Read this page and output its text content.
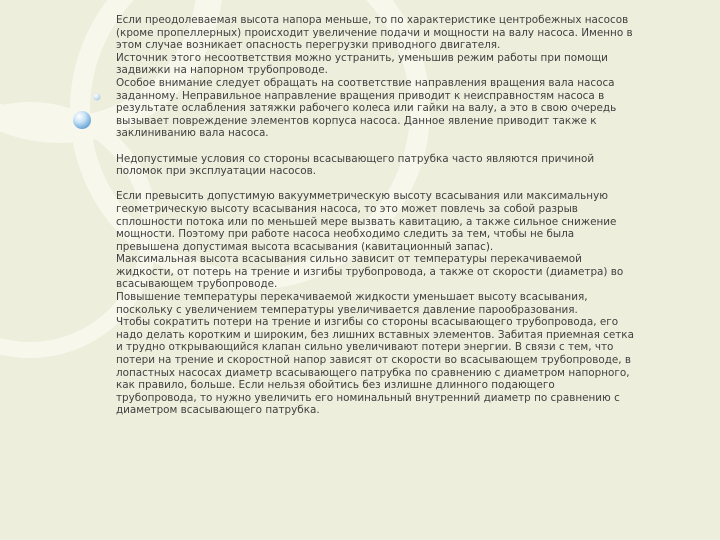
Если преодолеваемая высота напора меньше, то по характеристике центробежных насосов
(кроме пропеллерных) происходит увеличение подачи и мощности на валу насоса. Именно в
этом случае возникает опасность перегрузки приводного двигателя.

Источник этого несоответствия можно устранить, уменьшив режим работы при помощи
задвижки на напорном трубопроводе.

Особое внимание следует обращать на соответствие направления вращения вала насоса
заданному. Неправильное направление вращения приводит к неисправностям насоса в
результате ослабления затяжки рабочего колеса или гайки на валу, а это в свою очередь
вызывает повреждение элементов корпуса насоса. Данное явление приводит также к
заклиниванию вала насоса.

Недопустимые условия со стороны всасывающего патрубка часто являются причиной
поломок при эксплуатации насосов.

Если превысить допустимую вакуумметрическую высоту всасывания или максимальную
геометрическую высоту всасывания насоса, то это может повлечь за собой разрыв
сплошности потока или по меньшей мере вызвать кавитацию, а также сильное снижение
мощности. Поэтому при работе насоса необходимо следить за тем, чтобы не была
превышена допустимая высота всасывания (кавитационный запас).

Максимальная высота всасывания сильно зависит от температуры перекачиваемой
жидкости, от потерь на трение и изгибы трубопровода, а также от скорости (диаметра) во
всасывающем трубопроводе.

Повышение температуры перекачиваемой жидкости уменьшает высоту всасывания,
поскольку с увеличением температуры увеличивается давление парообразования.

Чтобы сократить потери на трение и изгибы со стороны всасывающего трубопровода, его
надо делать коротким и широким, без лишних вставных элементов. Забитая приемная сетка
и трудно открывающийся клапан сильно увеличивают потери энергии. В связи с тем, что
потери на трение и скоростной напор зависят от скорости во всасывающем трубопроводе, в
лопастных насосах диаметр всасывающего патрубка по сравнению с диаметром напорного,
как правило, больше. Если нельзя обойтись без излишне длинного подающего
трубопровода, то нужно увеличить его номинальный внутренний диаметр по сравнению с
диаметром всасывающего патрубка.
